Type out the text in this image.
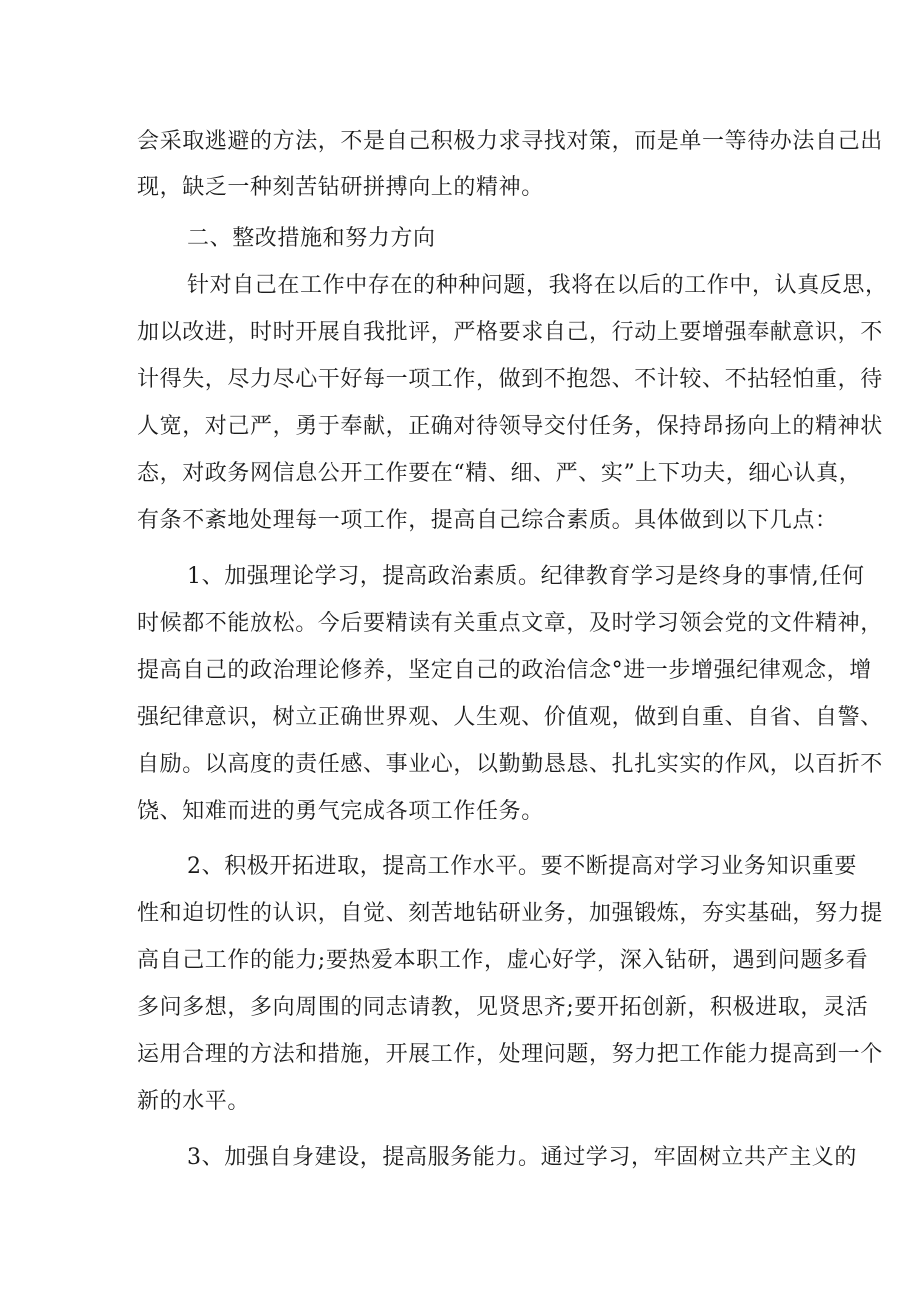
会采取逃避的方法，不是自己积极力求寻找对策，而是单一等待办法自己出
现，缺乏一种刻苦钻研拼搏向上的精神。
二、整改措施和努力方向
针对自己在工作中存在的种种问题，我将在以后的工作中，认真反思，
加以改进，时时开展自我批评，严格要求自己，行动上要增强奉献意识，不
计得失，尽力尽心干好每一项工作，做到不抱怨、不计较、不拈轻怕重，待
人宽，对己严，勇于奉献，正确对待领导交付任务，保持昂扬向上的精神状
态，对政务网信息公开工作要在“精、细、严、实”上下功夫，细心认真，
有条不紊地处理每一项工作，提高自己综合素质。具体做到以下几点：
1、加强理论学习，提高政治素质。纪律教育学习是终身的事情,任何
时候都不能放松。今后要精读有关重点文章，及时学习领会党的文件精神，
提高自己的政治理论修养，坚定自己的政治信念°进一步增强纪律观念，增
强纪律意识，树立正确世界观、人生观、价值观，做到自重、自省、自警、
自励。以高度的责任感、事业心，以勤勤恳恳、扎扎实实的作风，以百折不
饶、知难而进的勇气完成各项工作任务。
2、积极开拓进取，提高工作水平。要不断提高对学习业务知识重要
性和迫切性的认识，自觉、刻苦地钻研业务，加强锻炼，夯实基础，努力提
高自己工作的能力;要热爱本职工作，虚心好学，深入钻研，遇到问题多看
多问多想，多向周围的同志请教，见贤思齐;要开拓创新，积极进取，灵活
运用合理的方法和措施，开展工作，处理问题，努力把工作能力提高到一个
新的水平。
3、加强自身建设，提高服务能力。通过学习，牢固树立共产主义的
